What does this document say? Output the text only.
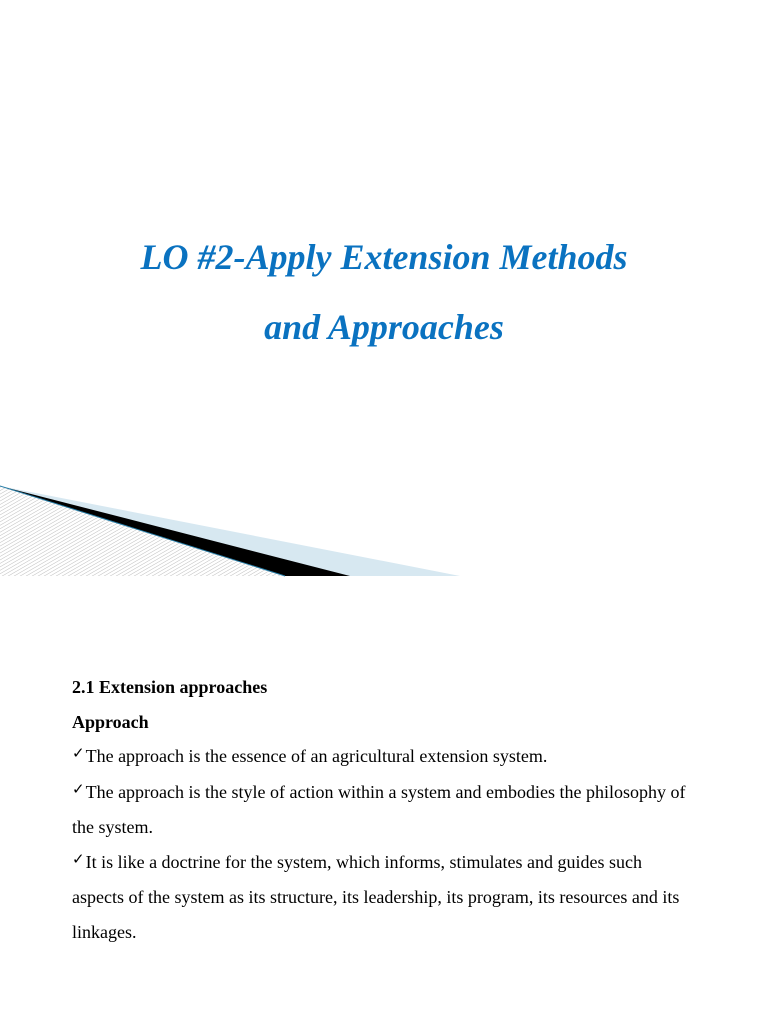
LO #2-Apply Extension Methods

and Approaches

2.1 Extension approaches

Approach

✓The approach is the essence of an agricultural extension system.

✓The approach is the style of action within a system and embodies the philosophy of the system.

✓It is like a doctrine for the system, which informs, stimulates and guides such aspects of the system as its structure, its leadership, its program, its resources and its linkages.
